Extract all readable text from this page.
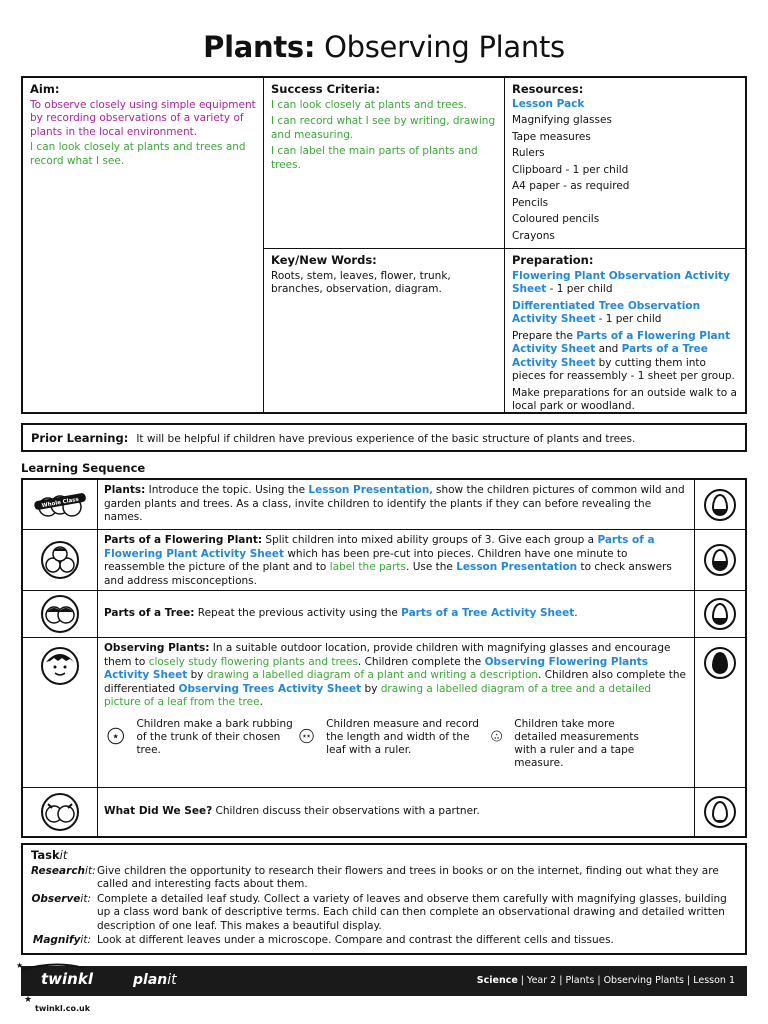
Plants: Observing Plants
Aim:
To observe closely using simple equipment by recording observations of a variety of plants in the local environment.
I can look closely at plants and trees and record what I see.
Success Criteria:
I can look closely at plants and trees.
I can record what I see by writing, drawing and measuring.
I can label the main parts of plants and trees.
Resources:
Lesson Pack
Magnifying glasses
Tape measures
Rulers
Clipboard - 1 per child
A4 paper - as required
Pencils
Coloured pencils
Crayons
Key/New Words:
Roots, stem, leaves, flower, trunk, branches, observation, diagram.
Preparation:

Flowering Plant Observation Activity Sheet - 1 per child

Differentiated Tree Observation Activity Sheet - 1 per child

Prepare the Parts of a Flowering Plant Activity Sheet and Parts of a Tree Activity Sheet by cutting them into pieces for reassembly - 1 sheet per group.

Make preparations for an outside walk to a local park or woodland.

Prior Learning: It will be helpful if children have previous experience of the basic structure of plants and trees.
Learning Sequence
Whole Class
Plants: Introduce the topic. Using the Lesson Presentation, show the children pictures of common wild and garden plants and trees. As a class, invite children to identify the plants if they can before revealing the names.
Parts of a Flowering Plant: Split children into mixed ability groups of 3. Give each group a Parts of a Flowering Plant Activity Sheet which has been pre-cut into pieces. Children have one minute to reassemble the picture of the plant and to label the parts. Use the Lesson Presentation to check answers and address misconceptions.
Parts of a Tree: Repeat the previous activity using the Parts of a Tree Activity Sheet.
Observing Plants: In a suitable outdoor location, provide children with magnifying glasses and encourage them to closely study flowering plants and trees. Children complete the Observing Flowering Plants Activity Sheet by drawing a labelled diagram of a plant and writing a description. Children also complete the differentiated Observing Trees Activity Sheet by drawing a labelled diagram of a tree and a detailed picture of a leaf from the tree.
★
Children make a bark rubbing of the trunk of their chosen tree.
★★
Children measure and record the length and width of the leaf with a ruler.
★
★★
Children take more detailed measurements with a ruler and a tape measure.
What Did We See? Children discuss their observations with a partner.
Taskit
Researchit: Give children the opportunity to research their flowers and trees in books or on the internet, finding out what they are called and interesting facts about them.
Observeit: Complete a detailed leaf study. Collect a variety of leaves and observe them carefully with magnifying glasses, building up a class word bank of descriptive terms. Each child can then complete an observational drawing and detailed written description of one leaf. This makes a beautiful display.
Magnifyit: Look at different leaves under a microscope. Compare and contrast the different cells and tissues.
twinkl	planit	Science | Year 2 | Plants | Observing Plants | Lesson 1
★
★
twinkl.co.uk
